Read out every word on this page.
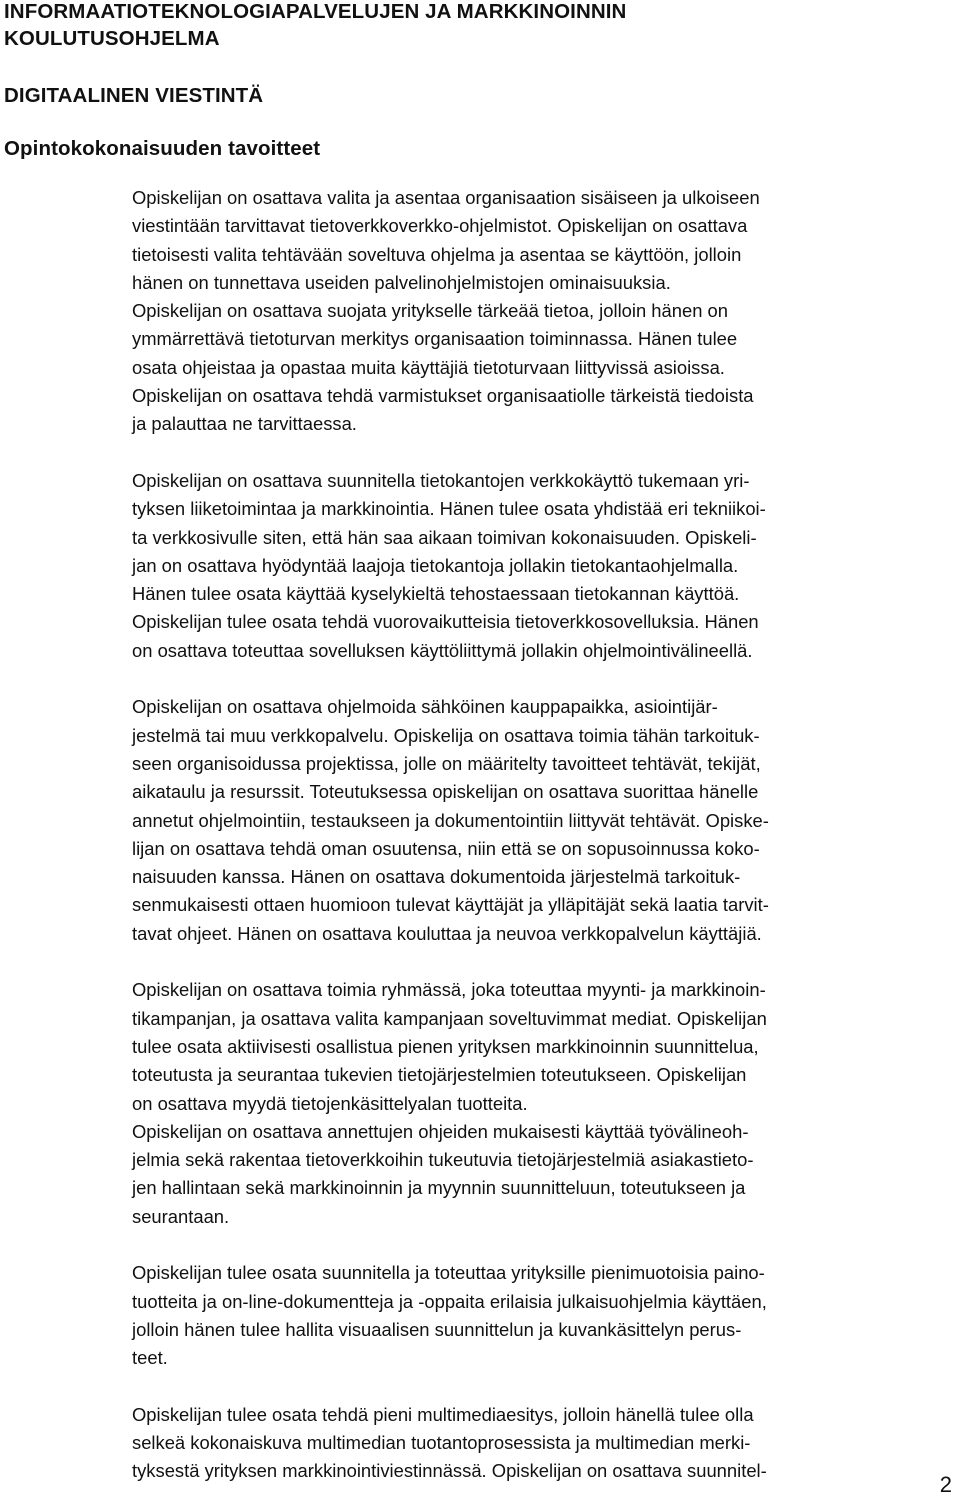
INFORMAATIOTEKNOLOGIAPALVELUJEN JA MARKKINOINNIN
KOULUTUSOHJELMA
DIGITAALINEN VIESTINTÄ
Opintokokonaisuuden tavoitteet
Opiskelijan on osattava valita ja asentaa organisaation sisäiseen ja ulkoiseen
viestintään tarvittavat tietoverkkoverkko-ohjelmistot. Opiskelijan on osattava
tietoisesti valita tehtävään soveltuva ohjelma ja asentaa se käyttöön, jolloin
hänen on tunnettava useiden palvelinohjelmistojen ominaisuuksia.
Opiskelijan on osattava suojata yritykselle tärkeää tietoa, jolloin hänen on
ymmärrettävä tietoturvan merkitys organisaation toiminnassa. Hänen tulee
osata ohjeistaa ja opastaa muita käyttäjiä tietoturvaan liittyvissä asioissa.
Opiskelijan on osattava tehdä varmistukset organisaatiolle tärkeistä tiedoista
ja palauttaa ne tarvittaessa.
Opiskelijan on osattava suunnitella tietokantojen verkkokäyttö tukemaan yri-
tyksen liiketoimintaa ja markkinointia. Hänen tulee osata yhdistää eri tekniikoi-
ta verkkosivulle siten, että hän saa aikaan toimivan kokonaisuuden. Opiskeli-
jan on osattava hyödyntää laajoja tietokantoja jollakin tietokantaohjelmalla.
Hänen tulee osata käyttää kyselykieltä tehostaessaan tietokannan käyttöä.
Opiskelijan tulee osata tehdä vuorovaikutteisia tietoverkkosovelluksia. Hänen
on osattava toteuttaa sovelluksen käyttöliittymä jollakin ohjelmointivälineellä.
Opiskelijan on osattava ohjelmoida sähköinen kauppapaikka, asiointijär-
jestelmä tai muu verkkopalvelu. Opiskelija on osattava toimia tähän tarkoituk-
seen organisoidussa projektissa, jolle on määritelty tavoitteet tehtävät, tekijät,
aikataulu ja resurssit. Toteutuksessa opiskelijan on osattava suorittaa hänelle
annetut ohjelmointiin, testaukseen ja dokumentointiin liittyvät tehtävät. Opiske-
lijan on osattava tehdä oman osuutensa, niin että se on sopusoinnussa koko-
naisuuden kanssa. Hänen on osattava dokumentoida järjestelmä tarkoituk-
senmukaisesti ottaen huomioon tulevat käyttäjät ja ylläpitäjät sekä laatia tarvit-
tavat ohjeet. Hänen on osattava kouluttaa ja neuvoa verkkopalvelun käyttäjiä.
Opiskelijan on osattava toimia ryhmässä, joka toteuttaa myynti- ja markkinoin-
tikampanjan, ja osattava valita kampanjaan soveltuvimmat mediat. Opiskelijan
tulee osata aktiivisesti osallistua pienen yrityksen markkinoinnin suunnittelua,
toteutusta ja seurantaa tukevien tietojärjestelmien toteutukseen. Opiskelijan
on osattava myydä tietojenkäsittelyalan tuotteita.
Opiskelijan on osattava annettujen ohjeiden mukaisesti käyttää työvälineoh-
jelmia sekä rakentaa tietoverkkoihin tukeutuvia tietojärjestelmiä asiakastieto-
jen hallintaan sekä markkinoinnin ja myynnin suunnitteluun, toteutukseen ja
seurantaan.
Opiskelijan tulee osata suunnitella ja toteuttaa yrityksille pienimuotoisia paino-
tuotteita ja on-line-dokumentteja ja -oppaita erilaisia julkaisuohjelmia käyttäen,
jolloin hänen tulee hallita visuaalisen suunnittelun ja kuvankäsittelyn perus-
teet.
Opiskelijan tulee osata tehdä pieni multimediaesitys, jolloin hänellä tulee olla
selkeä kokonaiskuva multimedian tuotantoprosessista ja multimedian merki-
tyksestä yrityksen markkinointiviestinnässä. Opiskelijan on osattava suunnitel-
2
